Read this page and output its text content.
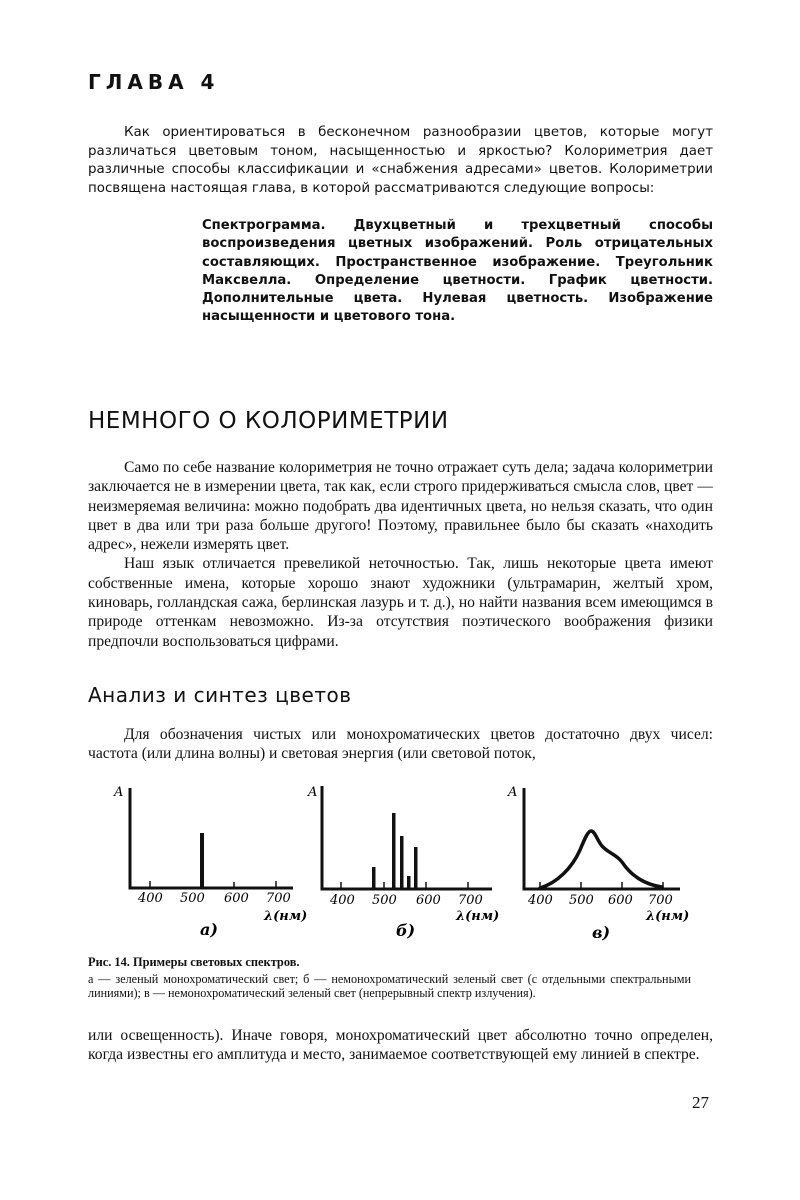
ГЛАВА 4

Как ориентироваться в бесконечном разнообразии цветов, которые могут различаться цветовым тоном, насыщенностью и яркостью? Колориметрия дает различные способы классификации и «снабжения адресами» цветов. Колориметрии посвящена настоящая глава, в которой рассматриваются следующие вопросы:

Спектрограмма. Двухцветный и трехцветный способы воспроизведения цветных изображений. Роль отрицательных составляющих. Пространственное изображение. Треугольник Максвелла. Определение цветности. График цветности. Дополнительные цвета. Нулевая цветность. Изображение насыщенности и цветового тона.
НЕМНОГО О КОЛОРИМЕТРИИ

Само по себе название колориметрия не точно отражает суть дела; задача колориметрии заключается не в измерении цвета, так как, если строго придерживаться смысла слов, цвет — неизмеряемая величина: можно подобрать два идентичных цвета, но нельзя сказать, что один цвет в два или три раза больше другого! Поэтому, правильнее было бы сказать «находить адрес», нежели измерять цвет.

Наш язык отличается превеликой неточностью. Так, лишь некоторые цвета имеют собственные имена, которые хорошо знают художники (ультрамарин, желтый хром, киноварь, голландская сажа, берлинская лазурь и т. д.), но найти названия всем имеющимся в природе оттенкам невозможно. Из-за отсутствия поэтического воображения физики предпочли воспользоваться цифрами.

Анализ и синтез цветов

Для обозначения чистых или монохроматических цветов достаточно двух чисел: частота (или длина волны) и световая энергия (или световой поток,

A
400 500 600 700
λ(нм)
а)
A
400 500 600 700
λ(нм)
б)
A
400 500 600 700
λ(нм)
в)
Рис. 14. Примеры световых спектров.
а — зеленый монохроматический свет; б — немонохроматический зеленый свет (с отдельными спектральными линиями); в — немонохроматический зеленый свет (непрерывный спектр излучения).

или освещенность). Иначе говоря, монохроматический цвет абсолютно точно определен, когда известны его амплитуда и место, занимаемое соответствующей ему линией в спектре.

27
